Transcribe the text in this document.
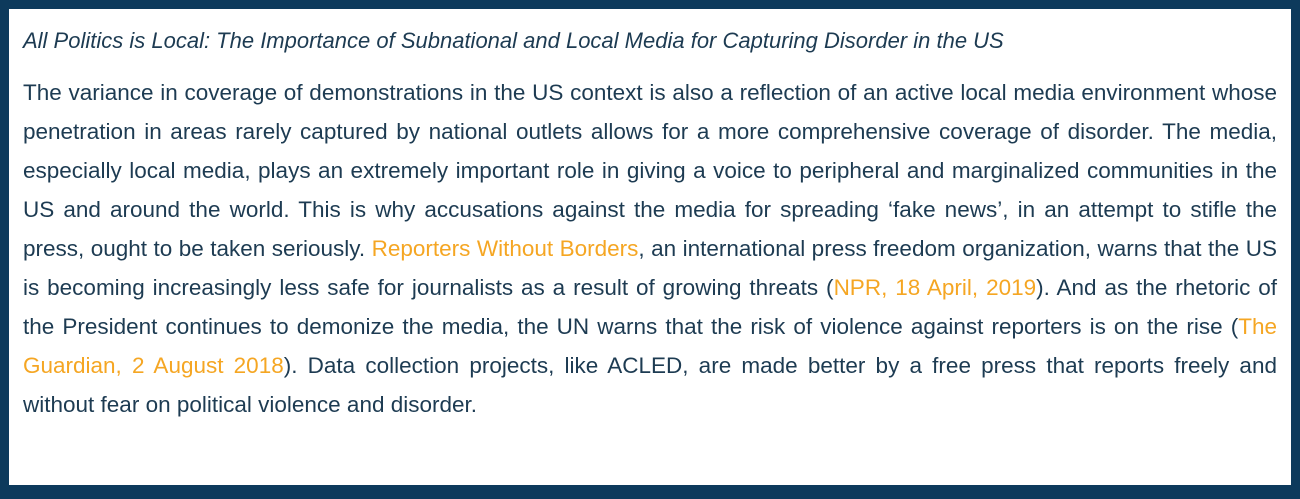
All Politics is Local: The Importance of Subnational and Local Media for Capturing Disorder in the US

The variance in coverage of demonstrations in the US context is also a reflection of an active local media environment whose penetration in areas rarely captured by national outlets allows for a more comprehensive coverage of disorder. The media, especially local media, plays an extremely important role in giving a voice to peripheral and marginalized communities in the US and around the world. This is why accusations against the media for spreading ‘fake news’, in an attempt to stifle the press, ought to be taken seriously. Reporters Without Borders, an international press freedom organization, warns that the US is becoming increasingly less safe for journalists as a result of growing threats (NPR, 18 April, 2019). And as the rhetoric of the President continues to demonize the media, the UN warns that the risk of violence against reporters is on the rise (The Guardian, 2 August 2018). Data collection projects, like ACLED, are made better by a free press that reports freely and without fear on political violence and disorder.
